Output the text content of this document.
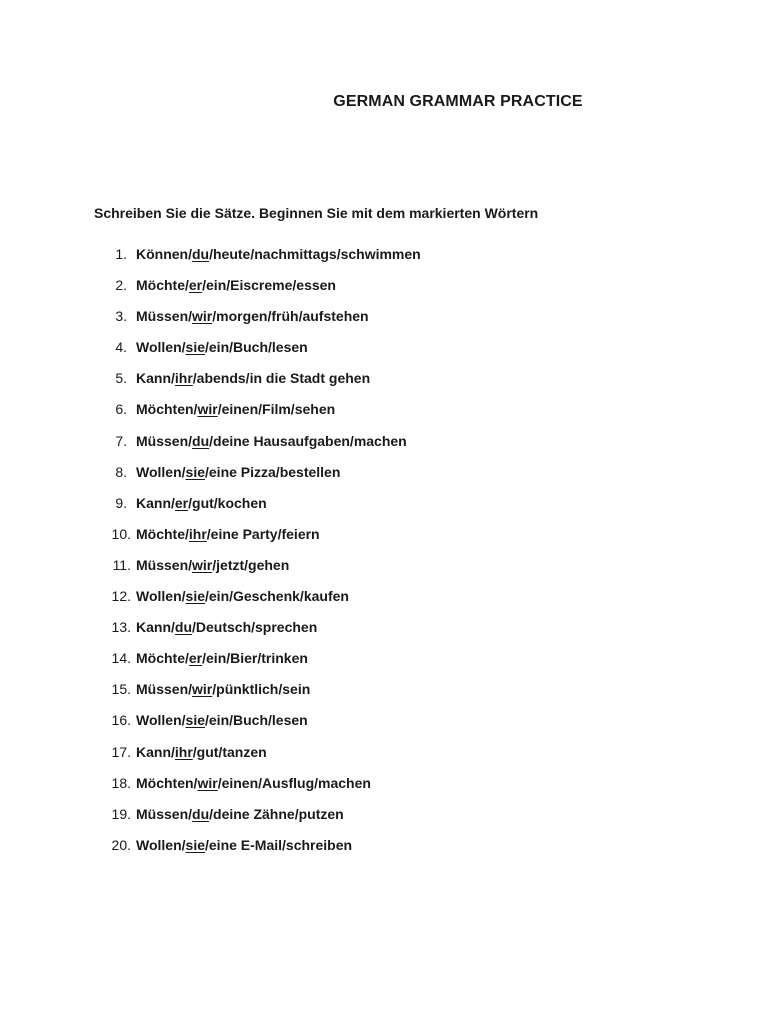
GERMAN GRAMMAR PRACTICE

Schreiben Sie die Sätze. Beginnen Sie mit dem markierten Wörtern

1. Können/du/heute/nachmittags/schwimmen
2. Möchte/er/ein/Eiscreme/essen
3. Müssen/wir/morgen/früh/aufstehen
4. Wollen/sie/ein/Buch/lesen
5. Kann/ihr/abends/in die Stadt gehen
6. Möchten/wir/einen/Film/sehen
7. Müssen/du/deine Hausaufgaben/machen
8. Wollen/sie/eine Pizza/bestellen
9. Kann/er/gut/kochen
10. Möchte/ihr/eine Party/feiern
11. Müssen/wir/jetzt/gehen
12. Wollen/sie/ein/Geschenk/kaufen
13. Kann/du/Deutsch/sprechen
14. Möchte/er/ein/Bier/trinken
15. Müssen/wir/pünktlich/sein
16. Wollen/sie/ein/Buch/lesen
17. Kann/ihr/gut/tanzen
18. Möchten/wir/einen/Ausflug/machen
19. Müssen/du/deine Zähne/putzen
20. Wollen/sie/eine E-Mail/schreiben
